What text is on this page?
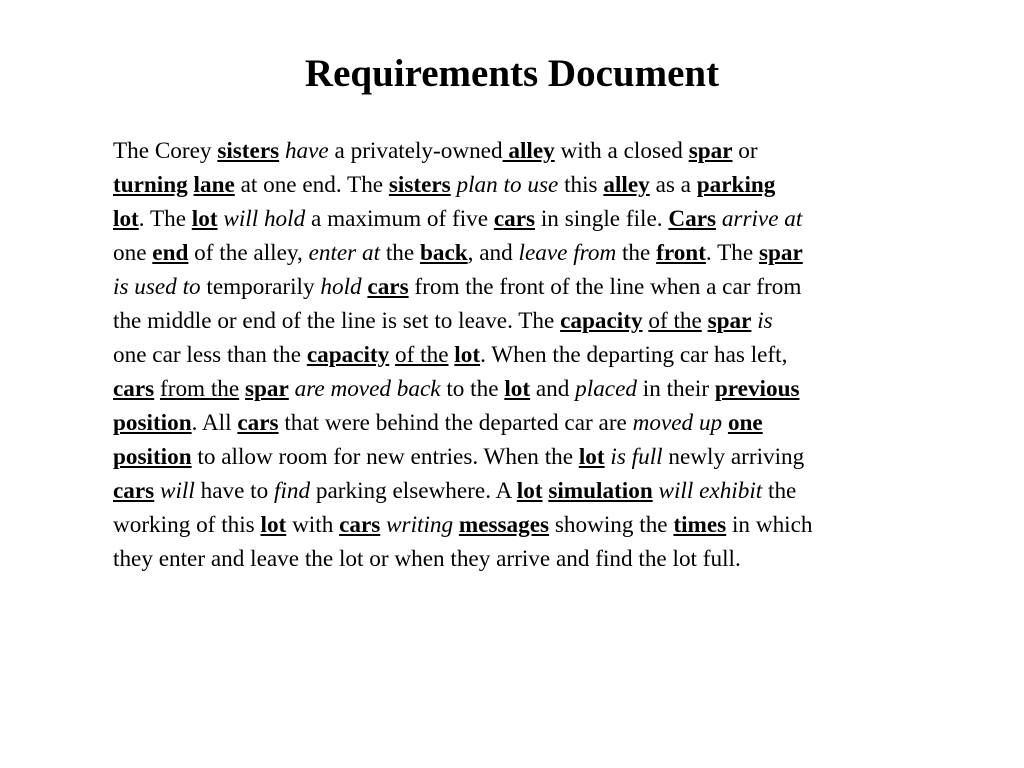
Requirements Document
The Corey sisters have a privately-owned alley with a closed spar or
turning lane at one end. The sisters plan to use this alley as a parking
lot. The lot will hold a maximum of five cars in single file. Cars arrive at
one end of the alley, enter at the back, and leave from the front. The spar
is used to temporarily hold cars from the front of the line when a car from
the middle or end of the line is set to leave. The capacity of the spar is
one car less than the capacity of the lot. When the departing car has left,
cars from the spar are moved back to the lot and placed in their previous
position. All cars that were behind the departed car are moved up one
position to allow room for new entries. When the lot is full newly arriving
cars will have to find parking elsewhere. A lot simulation will exhibit the
working of this lot with cars writing messages showing the times in which
they enter and leave the lot or when they arrive and find the lot full.
